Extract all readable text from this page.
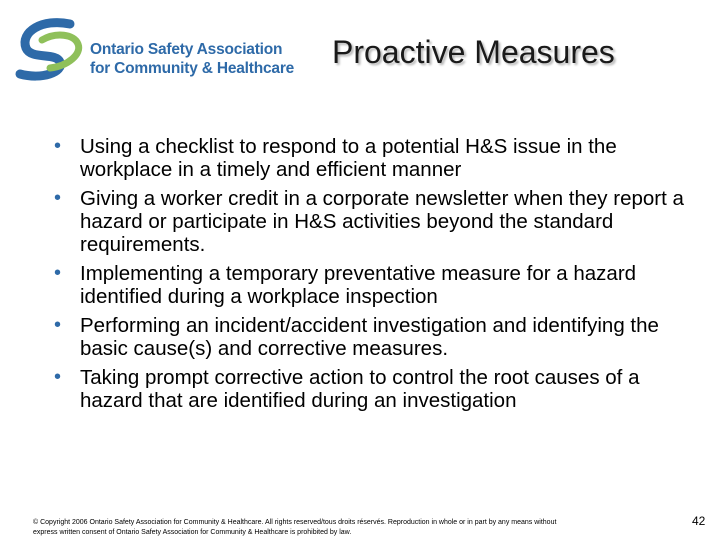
Ontario Safety Association
for Community & Healthcare Proactive Measures
• Using a checklist to respond to a potential H&S issue in the workplace in a timely and efficient manner
• Giving a worker credit in a corporate newsletter when they report a hazard or participate in H&S activities beyond the standard requirements.
• Implementing a temporary preventative measure for a hazard identified during a workplace inspection
• Performing an incident/accident investigation and identifying the basic cause(s) and corrective measures.
• Taking prompt corrective action to control the root causes of a hazard that are identified during an investigation
© Copyright 2006 Ontario Safety Association for Community & Healthcare. All rights reserved/tous droits réservés. Reproduction in whole or in part by any means without
express written consent of Ontario Safety Association for Community & Healthcare is prohibited by law.
42
